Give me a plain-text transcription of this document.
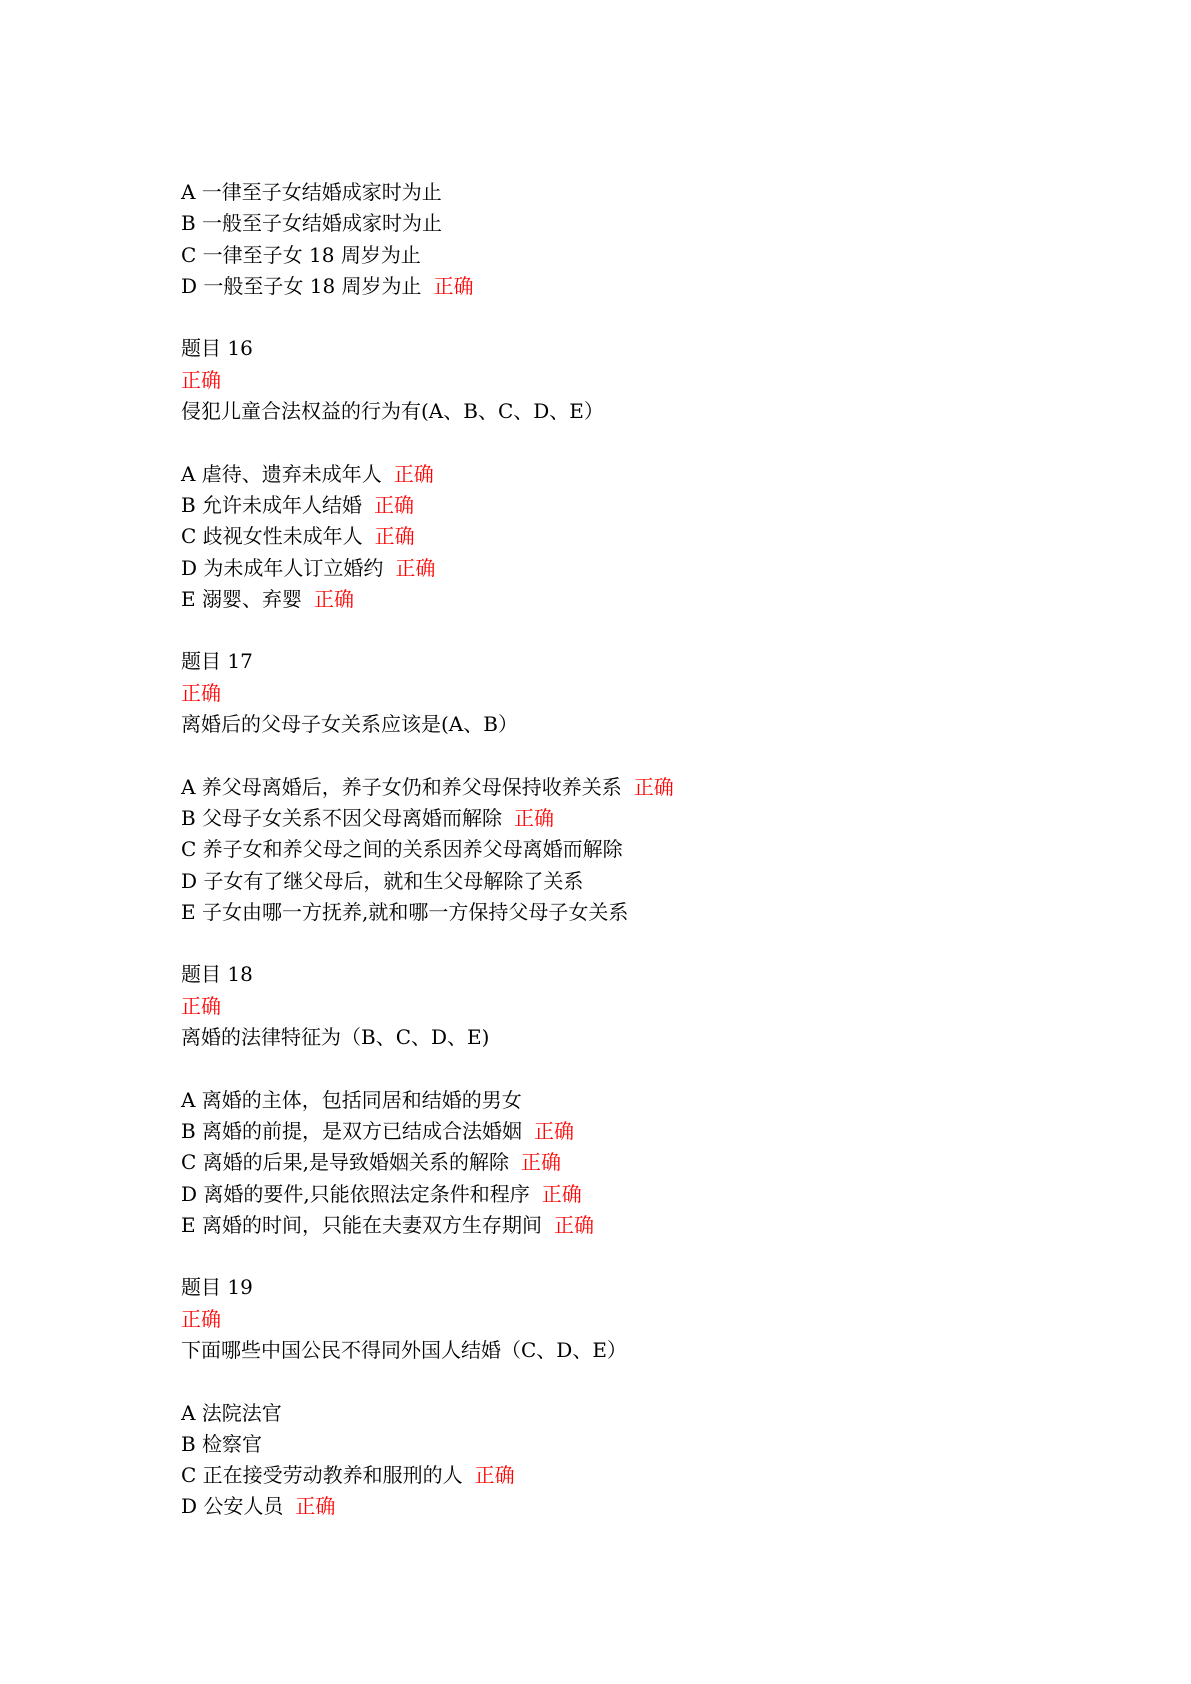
A 一律至子女结婚成家时为止
B 一般至子女结婚成家时为止
C 一律至子女 18 周岁为止
D 一般至子女 18 周岁为止 正确
题目 16
正确
侵犯儿童合法权益的行为有(A、B、C、D、E）
A 虐待、遗弃未成年人 正确
B 允许未成年人结婚 正确
C 歧视女性未成年人 正确
D 为未成年人订立婚约 正确
E 溺婴、弃婴 正确
题目 17
正确
离婚后的父母子女关系应该是(A、B）
A 养父母离婚后，养子女仍和养父母保持收养关系 正确
B 父母子女关系不因父母离婚而解除 正确
C 养子女和养父母之间的关系因养父母离婚而解除
D 子女有了继父母后，就和生父母解除了关系
E 子女由哪一方抚养,就和哪一方保持父母子女关系
题目 18
正确
离婚的法律特征为（B、C、D、E)
A 离婚的主体，包括同居和结婚的男女
B 离婚的前提，是双方已结成合法婚姻 正确
C 离婚的后果,是导致婚姻关系的解除 正确
D 离婚的要件,只能依照法定条件和程序 正确
E 离婚的时间，只能在夫妻双方生存期间 正确
题目 19
正确
下面哪些中国公民不得同外国人结婚（C、D、E）
A 法院法官
B 检察官
C 正在接受劳动教养和服刑的人 正确
D 公安人员 正确
